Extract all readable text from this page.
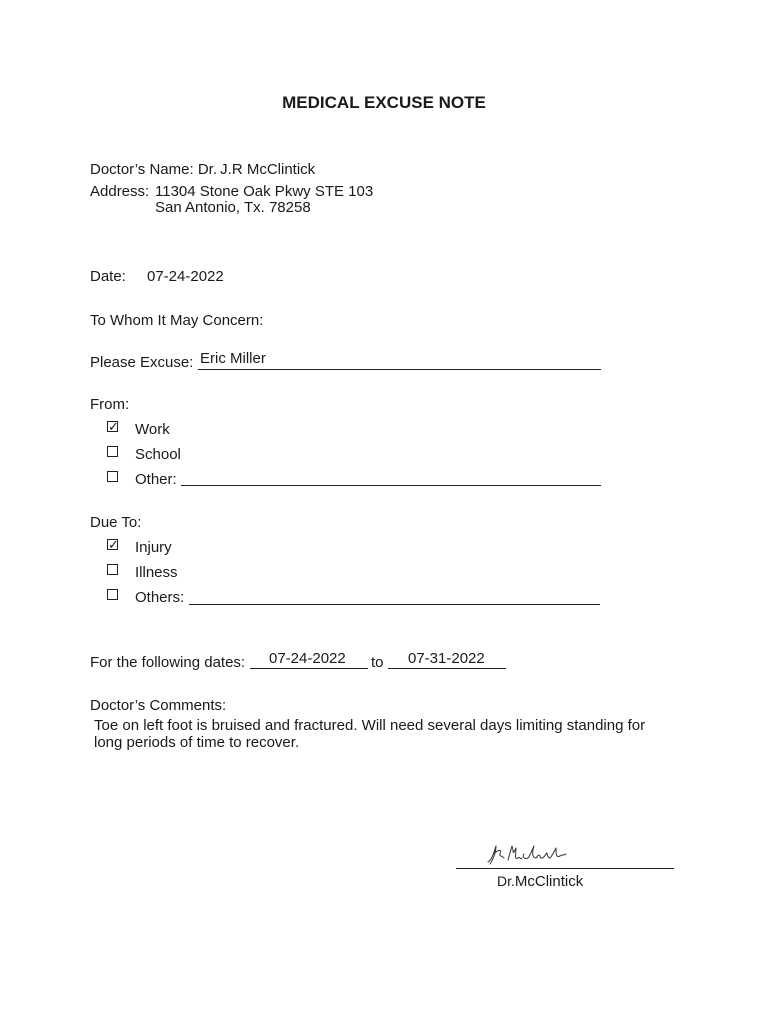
MEDICAL EXCUSE NOTE
Doctor’s Name: Dr. J.R McClintick
Address: 11304 Stone Oak Pkwy STE 103
San Antonio, Tx. 78258
Date: 07-24-2022
To Whom It May Concern:
Please Excuse: Eric Miller
From:
✓ Work
School
Other:
Due To:
✓ Injury
Illness
Others:
For the following dates: 07-24-2022 to 07-31-2022
Doctor’s Comments:
Toe on left foot is bruised and fractured. Will need several days limiting standing for long periods of time to recover.
Dr.McClintick
